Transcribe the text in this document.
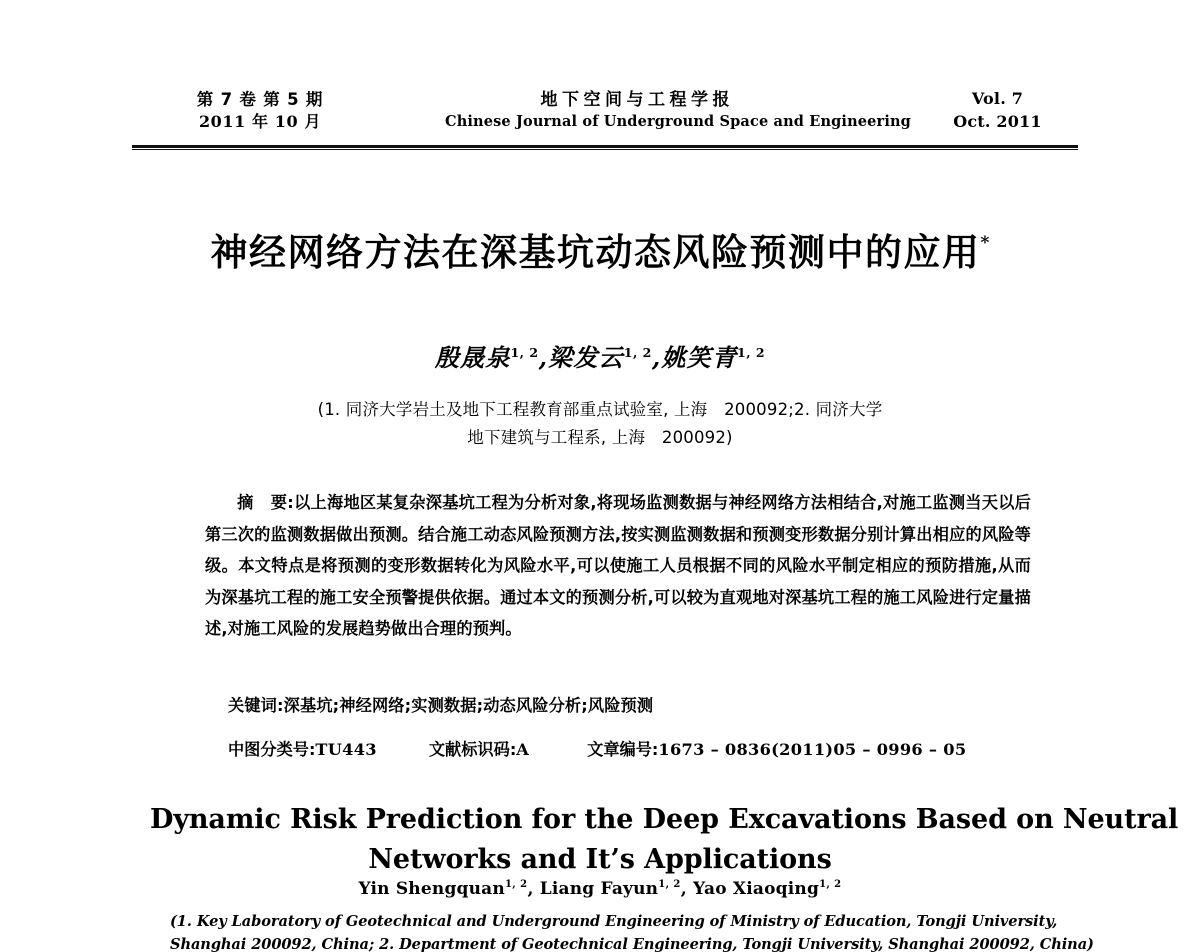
第 7 卷 第 5 期
2011 年 10 月
地下空间与工程学报
Chinese Journal of Underground Space and Engineering
Vol. 7
Oct. 2011
神经网络方法在深基坑动态风险预测中的应用*
殷晟泉$^{1, 2}$,梁发云$^{1, 2}$,姚笑青$^{1, 2}$
(1. 同济大学岩土及地下工程教育部重点试验室, 上海　200092;2. 同济大学
地下建筑与工程系, 上海　200092)
摘 要:以上海地区某复杂深基坑工程为分析对象,将现场监测数据与神经网络方法相结合,对施工监测当天以后第三次的监测数据做出预测。结合施工动态风险预测方法,按实测监测数据和预测变形数据分别计算出相应的风险等级。本文特点是将预测的变形数据转化为风险水平,可以使施工人员根据不同的风险水平制定相应的预防措施,从而为深基坑工程的施工安全预警提供依据。通过本文的预测分析,可以较为直观地对深基坑工程的施工风险进行定量描述,对施工风险的发展趋势做出合理的预判。
关键词:深基坑;神经网络;实测数据;动态风险分析;风险预测
中图分类号:TU443	文献标识码:A	文章编号:1673 – 0836(2011)05 – 0996 – 05
Dynamic Risk Prediction for the Deep Excavations Based on Neutral
Networks and It’s Applications
Yin Shengquan$^{1, 2}$, Liang Fayun$^{1, 2}$, Yao Xiaoqing$^{1, 2}$
(1. Key Laboratory of Geotechnical and Underground Engineering of Ministry of Education, Tongji University,
Shanghai 200092, China; 2. Department of Geotechnical Engineering, Tongji University, Shanghai 200092, China)
